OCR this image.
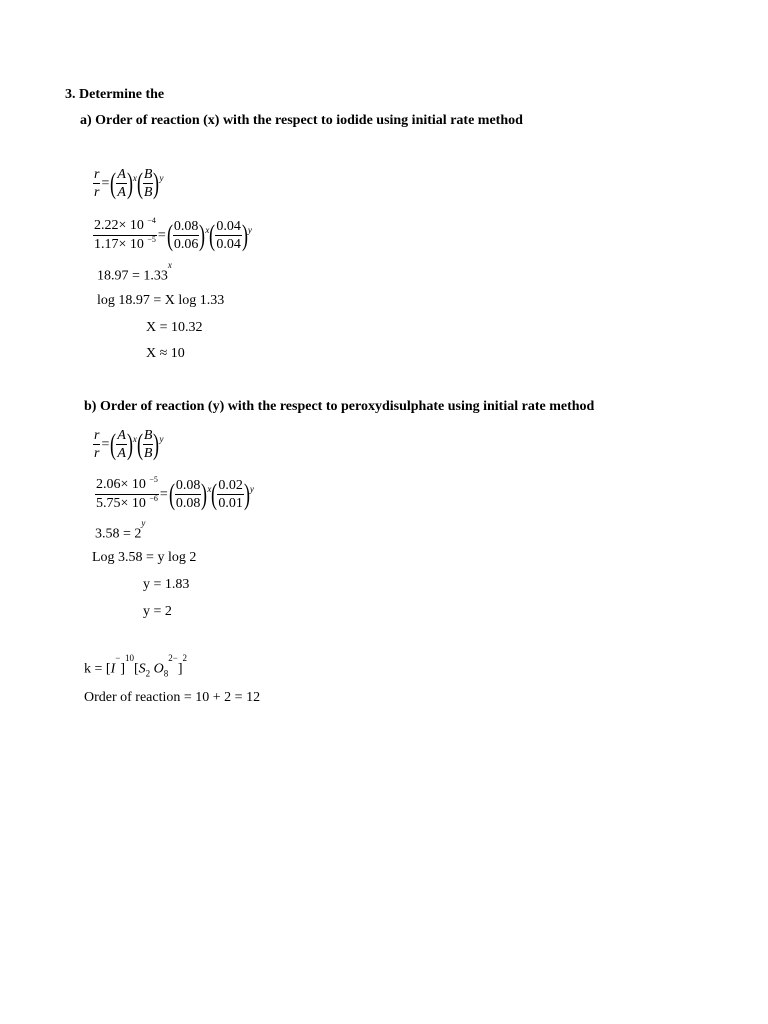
3. Determine the
a) Order of reaction (x) with the respect to iodide using initial rate method
$\frac{r}{r}$ = ( $\frac{A}{A}$ ) x ( $\frac{B}{B}$ ) y
$\frac{2.22\times 10 ^{-4}}{1.17\times 10 ^{-5}}$ = ( $\frac{0.08}{0.06}$ ) x ( $\frac{0.04}{0.04}$ ) y
$18.97 = 1.33^x$
log 18.97 = X log 1.33
X = 10.32
X ≈ 10
b) Order of reaction (y) with the respect to peroxydisulphate using initial rate method
$\frac{r}{r}$ = ( $\frac{A}{A}$ ) x ( $\frac{B}{B}$ ) y
$\frac{2.06\times 10 ^{-5}}{5.75\times 10 ^{-6}}$ = ( $\frac{0.08}{0.08}$ ) x ( $\frac{0.02}{0.01}$ ) y
$3.58 = 2^y$
Log 3.58 = y log 2
y = 1.83
y = 2
$k = [I^-]^{10}[S_2$ $O_8^{2-}]^2$
Order of reaction = 10 + 2 = 12
